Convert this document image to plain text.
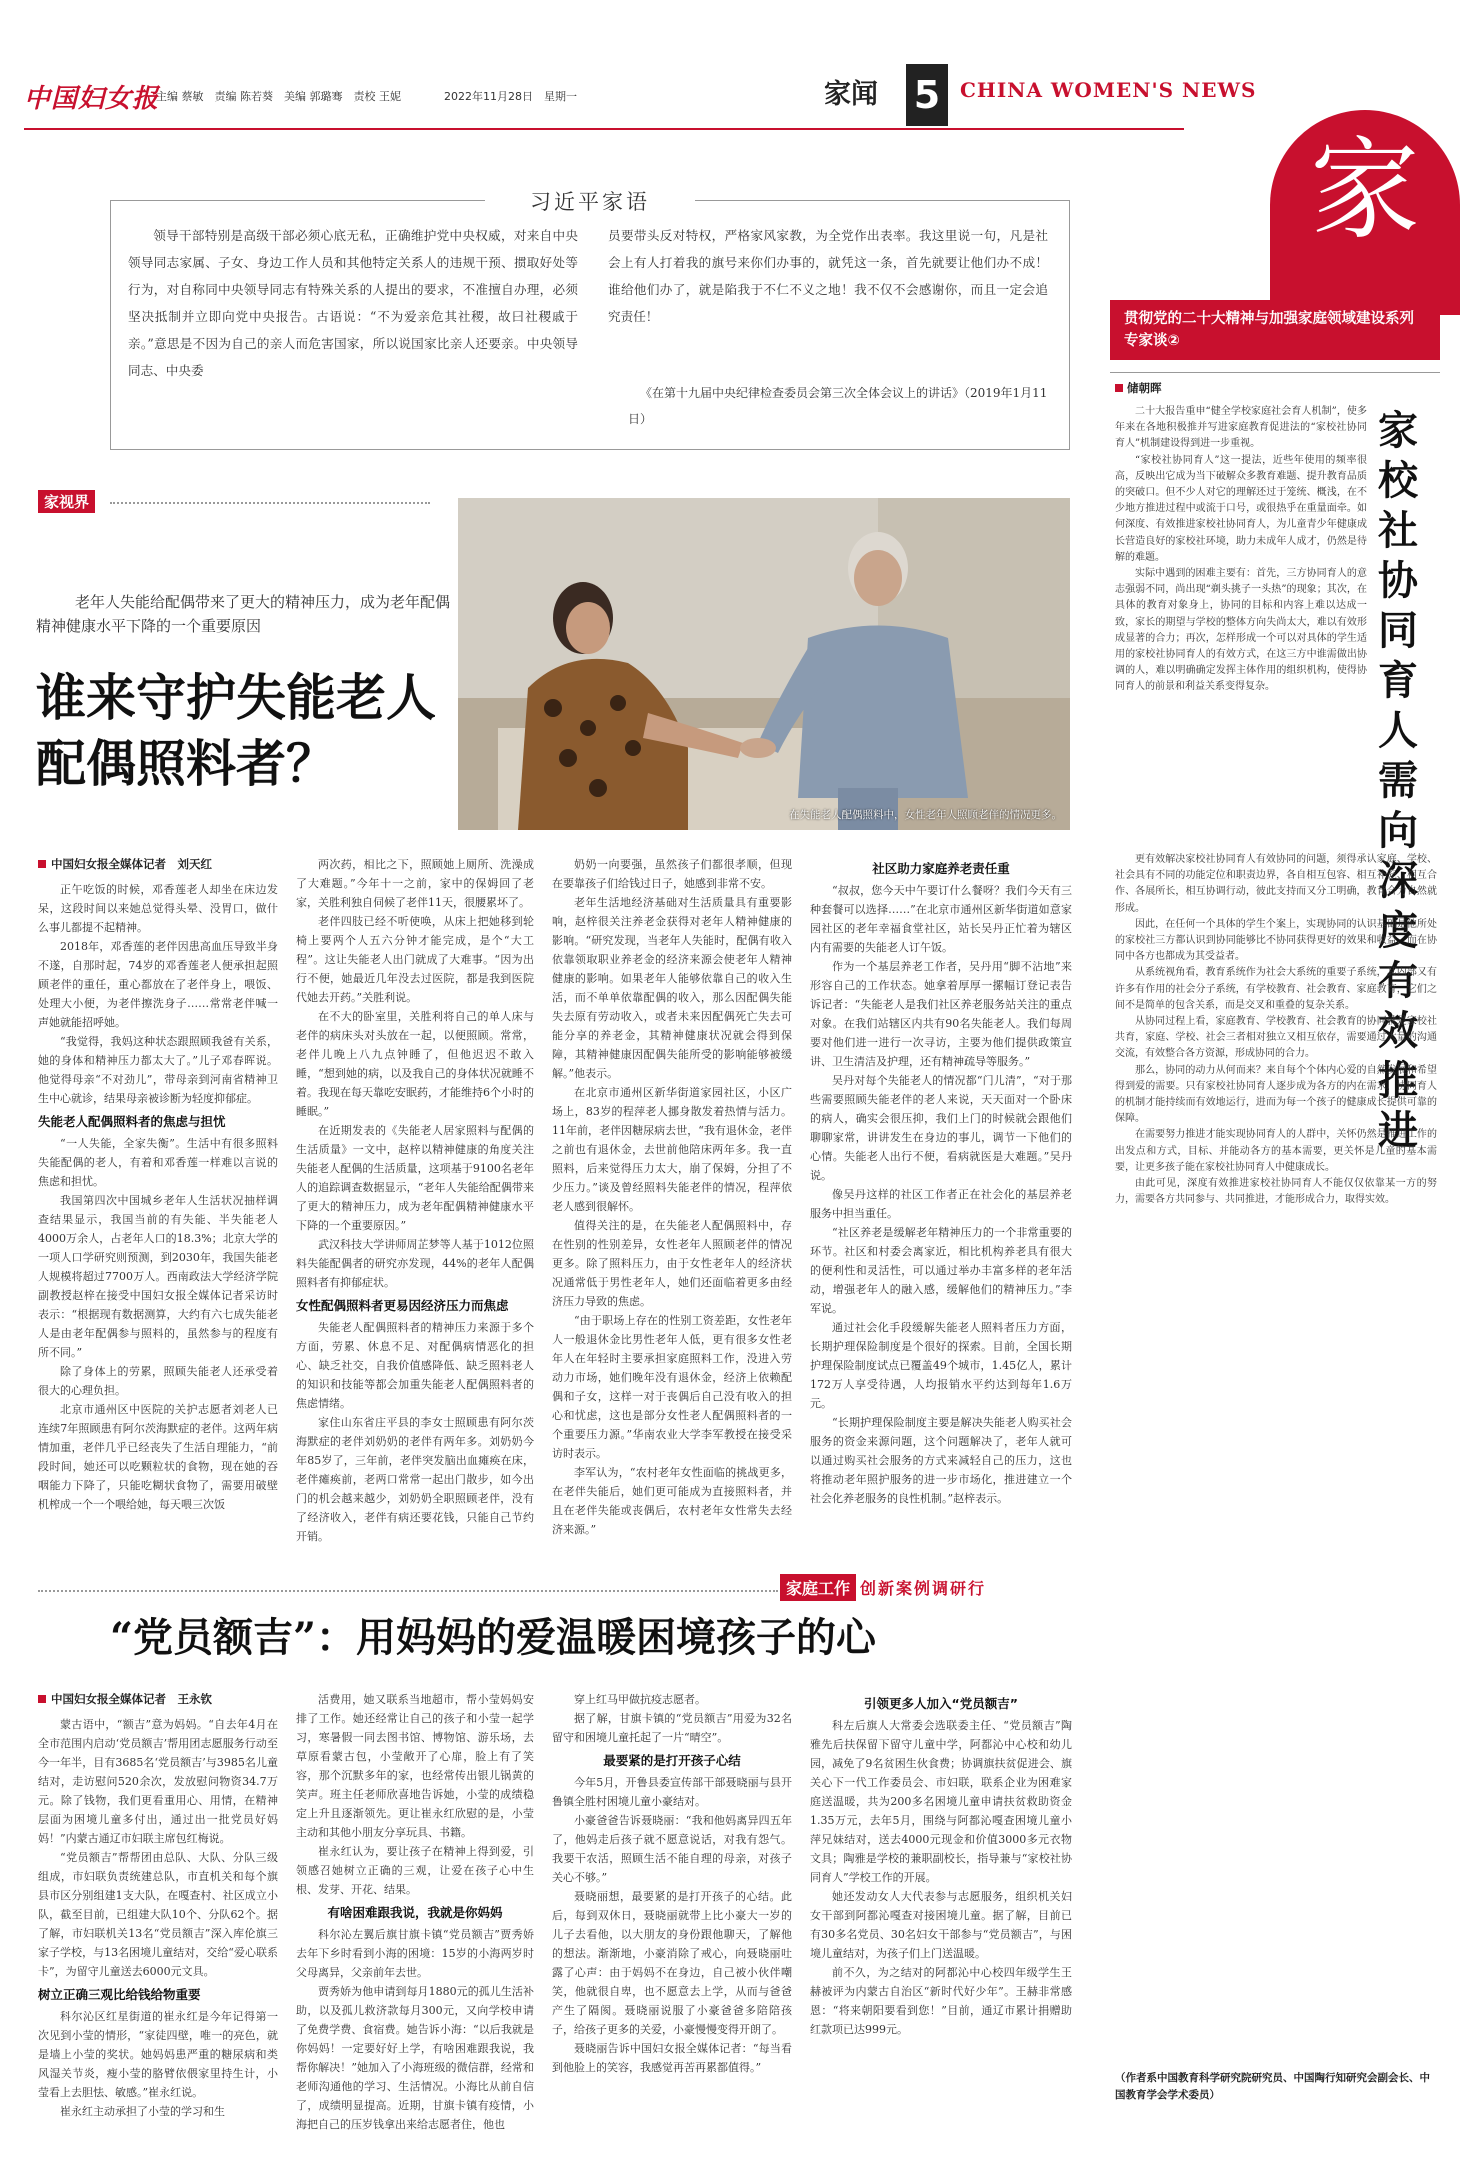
中国妇女报
主编 蔡敏　责编 陈若葵　美编 郭璐骞　责校 王妮	2022年11月28日　星期一	家闻 5 CHINA WOMEN'S NEWS
家
习近平家语
领导干部特别是高级干部必须心底无私，正确维护党中央权威，对来自中央领导同志家属、子女、身边工作人员和其他特定关系人的违规干预、掼取好处等行为，对自称同中央领导同志有特殊关系的人提出的要求，不准擅自办理，必须坚决抵制并立即向党中央报告。古语说：“不为爱亲危其社稷，故曰社稷戚于亲。”意思是不因为自己的亲人而危害国家，所以说国家比亲人还要亲。中央领导同志、中央委
员要带头反对特权，严格家风家教，为全党作出表率。我这里说一句，凡是社会上有人打着我的旗号来你们办事的，就凭这一条，首先就要让他们办不成！谁给他们办了，就是陷我于不仁不义之地！我不仅不会感谢你，而且一定会追究责任！
《在第十九届中央纪律检查委员会第三次全体会议上的讲话》（2019年1月11日）
贯彻党的二十大精神与加强家庭领域建设系列专家谈②
储朝晖
家校社协同育人需向深度有效推进

二十大报告重申“健全学校家庭社会育人机制”，使多年来在各地积极推并写进家庭教育促进法的“家校社协同育人”机制建设得到进一步重视。

“家校社协同育人”这一提法，近些年使用的频率很高，反映出它成为当下破解众多教育难题、提升教育品质的突破口。但不少人对它的理解还过于笼统、概浅，在不少地方推进过程中或流于口号，或很热乎在重量面牵。如何深度、有效推进家校社协同育人，为儿童青少年健康成长营造良好的家校社环境，助力未成年人成才，仍然是待解的难题。

实际中遇到的困难主要有：首先，三方协同育人的意志强弱不同，尚出现“剃头挑子一头热”的现象；其次，在具体的教育对象身上，协同的目标和内容上难以达成一致，家长的期望与学校的整体方向失尚太大，难以有效形成显著的合力；再次，怎样形成一个可以对具体的学生适用的家校社协同育人的有效方式，在这三方中谁需做出协调的人，难以明确确定发挥主体作用的组织机构，使得协同育人的前景和利益关系变得复杂。

更有效解决家校社协同育人有效协同的问题，须得承认家庭、学校、社会具有不同的功能定位和职责边界，各自相互包容、相互补充、相互合作、各展所长，相互协调行动，彼此支持而又分工明确，教育合力自然就形成。

因此，在任何一个具体的学生个案上，实现协同的认识基础是他所处的家校社三方都认识到协同能够比不协同获得更好的效果和收益，而在协同中各方也都成为其受益者。

从系统视角看，教育系统作为社会大系统的重要子系统，其内部又有许多有作用的社会分子系统，有学校教育、社会教育、家庭教育，它们之间不是简单的包含关系，而是交叉和重叠的复杂关系。

从协同过程上看，家庭教育、学校教育、社会教育的协同就是家校社共育，家庭、学校、社会三者相对独立又相互依存，需要通过大量的沟通交流，有效整合各方资源，形成协同的合力。

那么，协同的动力从何而来？来自每个个体内心爱的自然发展和希望得到爱的需要。只有家校社协同育人逐步成为各方的内在需求，协同育人的机制才能持续而有效地运行，进而为每一个孩子的健康成长提供可靠的保障。

在需要努力推进才能实现协同育人的人群中，关怀仍然是推进工作的出发点和方式，目标、并能动各方的基本需要，更关怀是儿童的基本需要，让更多孩子能在家校社协同育人中健康成长。

由此可见，深度有效推进家校社协同育人不能仅仅依靠某一方的努力，需要各方共同参与、共同推进，才能形成合力，取得实效。

（作者系中国教育科学研究院研究员、中国陶行知研究会副会长、中国教育学会学术委员）
家视界
老年人失能给配偶带来了更大的精神压力，成为老年配偶精神健康水平下降的一个重要原因
谁来守护失能老人
配偶照料者？
在失能老人配偶照料中，女性老年人照顾老伴的情况更多。
中国妇女报全媒体记者　刘天红

正午吃饭的时候，邓香莲老人却坐在床边发呆，这段时间以来她总觉得头晕、没胃口，做什么事儿都提不起精神。

2018年，邓香莲的老伴因患高血压导致半身不遂，自那时起，74岁的邓香莲老人便承担起照顾老伴的重任，重心都放在了老伴身上，喂饭、处理大小便，为老伴擦洗身子……常常老伴喊一声她就能招呼她。

“我觉得，我妈这种状态跟照顾我爸有关系，她的身体和精神压力都太大了。”儿子邓春晖说。他觉得母亲“不对劲儿”，带母亲到河南省精神卫生中心就诊，结果母亲被诊断为轻度抑郁症。

失能老人配偶照料者的焦虑与担忧

“一人失能，全家失衡”。生活中有很多照料失能配偶的老人，有着和邓香莲一样难以言说的焦虑和担忧。

我国第四次中国城乡老年人生活状况抽样调查结果显示，我国当前的有失能、半失能老人4000万余人，占老年人口的18.3%；北京大学的一项人口学研究则预测，到2030年，我国失能老人规模将超过7700万人。西南政法大学经济学院副教授赵梓在接受中国妇女报全媒体记者采访时表示：“根据现有数据测算，大约有六七成失能老人是由老年配偶参与照料的，虽然参与的程度有所不同。”

除了身体上的劳累，照顾失能老人还承受着很大的心理负担。

北京市通州区中医院的关护志愿者刘老人已连续7年照顾患有阿尔茨海默症的老伴。这两年病情加重，老伴几乎已经丧失了生活自理能力，“前段时间，她还可以吃颗粒状的食物，现在她的吞咽能力下降了，只能吃糊状食物了，需要用破壁机榨成一个一个喂给她，每天喂三次饭

两次药，相比之下，照顾她上厕所、洗澡成了大难题。”今年十一之前，家中的保姆回了老家，关胜利独自伺候了老伴11天，很腰累坏了。

老伴四肢已经不听使唤，从床上把她移到轮椅上要两个人五六分钟才能完成，是个“大工程”。这让失能老人出门就成了大难事。“因为出行不便，她最近几年没去过医院，都是我到医院代她去开药。”关胜利说。

在不大的卧室里，关胜利将自己的单人床与老伴的病床头对头放在一起，以便照顾。常常，老伴儿晚上八九点钟睡了，但他迟迟不敢入睡，“想到她的病，以及我自己的身体状况就睡不着。我现在每天靠吃安眠药，才能维持6个小时的睡眠。”

在近期发表的《失能老人居家照料与配偶的生活质量》一文中，赵梓以精神健康的角度关注失能老人配偶的生活质量，这项基于9100名老年人的追踪调查数据显示，“老年人失能给配偶带来了更大的精神压力，成为老年配偶精神健康水平下降的一个重要原因。”

武汉科技大学讲师周芷梦等人基于1012位照料失能配偶者的研究亦发现，44%的老年人配偶照料者有抑郁症状。

女性配偶照料者更易因经济压力而焦虑

失能老人配偶照料者的精神压力来源于多个方面，劳累、休息不足、对配偶病情恶化的担心、缺乏社交，自我价值感降低、缺乏照料老人的知识和技能等都会加重失能老人配偶照料者的焦虑情绪。

家住山东省庄平县的李女士照顾患有阿尔茨海默症的老伴刘奶奶的老伴有两年多。刘奶奶今年85岁了，三年前，老伴突发脑出血瘫痪在床，老伴瘫痪前，老两口常常一起出门散步，如今出门的机会越来越少，刘奶奶全职照顾老伴，没有了经济收入，老伴有病还要花钱，只能自己节约开销。

奶奶一向要强，虽然孩子们都很孝顺，但现在要靠孩子们给钱过日子，她感到非常不安。

老年生活地经济基础对生活质量具有重要影响，赵梓很关注养老金获得对老年人精神健康的影响。“研究发现，当老年人失能时，配偶有收入依靠领取职业养老金的经济来源会使老年人精神健康的影响。如果老年人能够依靠自己的收入生活，而不单单依靠配偶的收入，那么因配偶失能失去原有劳动收入，或者未来因配偶死亡失去可能分享的养老金，其精神健康状况就会得到保障，其精神健康因配偶失能所受的影响能够被缓解。”他表示。

在北京市通州区新华街道家园社区，小区广场上，83岁的程萍老人挪身散发着热情与活力。11年前，老伴因糖尿病去世，“我有退休金，老伴之前也有退休金，去世前他陪床两年多。我一直照料，后来觉得压力太大，崩了保姆，分担了不少压力。”谈及曾经照料失能老伴的情况，程萍依老人感到很解怀。

值得关注的是，在失能老人配偶照料中，存在性别的性别差异，女性老年人照顾老伴的情况更多。除了照料压力，由于女性老年人的经济状况通常低于男性老年人，她们还面临着更多由经济压力导致的焦虑。

“由于职场上存在的性别工资差距，女性老年人一般退休金比男性老年人低，更有很多女性老年人在年轻时主要承担家庭照料工作，没进入劳动力市场，她们晚年没有退休金，经济上依赖配偶和子女，这样一对于丧偶后自己没有收入的担心和忧虑，这也是部分女性老人配偶照料者的一个重要压力源。”华南农业大学李军教授在接受采访时表示。

李军认为，“农村老年女性面临的挑战更多，在老伴失能后，她们更可能成为直接照料者，并且在老伴失能或丧偶后，农村老年女性常失去经济来源。”

社区助力家庭养老责任重

“叔叔，您今天中午要订什么餐呀？我们今天有三种套餐可以选择……”在北京市通州区新华街道如意家园社区的老年幸福食堂社区，站长吴丹正忙着为辖区内有需要的失能老人订午饭。

作为一个基层养老工作者，吴丹用“脚不沾地”来形容自己的工作状态。她拿着厚厚一摞幅订登记表告诉记者：“失能老人是我们社区养老服务站关注的重点对象。在我们站辖区内共有90名失能老人。我们每周要对他们进一进行一次寻访，主要为他们提供政策宣讲、卫生清洁及护理，还有精神疏导等服务。”

吴丹对每个失能老人的情况都“门儿清”，“对于那些需要照顾失能老伴的老人来说，天天面对一个卧床的病人，确实会很压抑，我们上门的时候就会跟他们聊聊家常，讲讲发生在身边的事儿，调节一下他们的心情。失能老人出行不便，看病就医是大难题。”吴丹说。

像吴丹这样的社区工作者正在社会化的基层养老服务中担当重任。

“社区养老是缓解老年精神压力的一个非常重要的环节。社区和村委会离家近，相比机构养老具有很大的便利性和灵活性，可以通过举办丰富多样的老年活动，增强老年人的融入感，缓解他们的精神压力。”李军说。

通过社会化手段缓解失能老人照料者压力方面，长期护理保险制度是个很好的探索。目前，全国长期护理保险制度试点已覆盖49个城市，1.45亿人，累计172万人享受待遇，人均报销水平约达到每年1.6万元。

“长期护理保险制度主要是解决失能老人购买社会服务的资金来源问题，这个问题解决了，老年人就可以通过购买社会服务的方式来减轻自己的压力，这也将推动老年照护服务的进一步市场化，推进建立一个社会化养老服务的良性机制。”赵梓表示。

家庭工作 创新案例调研行
“党员额吉”：用妈妈的爱温暖困境孩子的心
中国妇女报全媒体记者　王永钦

蒙古语中，“额吉”意为妈妈。“自去年4月在全市范围内启动‘党员额吉’帮用团志愿服务行动至今一年半，目有3685名‘党员额吉’与3985名儿童结对，走访慰问520余次，发放慰问物资34.7万元。除了钱物，我们更看重用心、用情，在精神层面为困境儿童多付出，通过出一批党员好妈妈！”内蒙古通辽市妇联主席包红梅说。

“党员额吉”帮帮团由总队、大队、分队三级组成，市妇联负责统建总队，市直机关和每个旗县市区分别组建1支大队，在嘎查村、社区成立小队，截至目前，已组建大队10个、分队62个。据了解，市妇联机关13名“党员额吉”深入库伦旗三家子学校，与13名困境儿童结对，交给“爱心联系卡”，为留守儿童送去6000元文具。

树立正确三观比给钱给物重要

科尔沁区红星街道的崔永红是今年记得第一次见到小莹的情形，“家徒四壁，唯一的亮色，就是墙上小莹的奖状。她妈妈患严重的糖尿病和类风湿关节炎，瘦小莹的胳臂依偎家里持生计，小莹看上去胆怯、敏感。”崔永红说。

崔永红主动承担了小莹的学习和生

活费用，她又联系当地超市，帮小莹妈妈安排了工作。她还经常让自己的孩子和小莹一起学习，寒暑假一同去图书馆、博物馆、游乐场，去草原看蒙古包，小莹敞开了心扉，脸上有了笑容，那个沉默多年的家，也经常传出银儿锅黄的笑声。班主任老师欣喜地告诉她，小莹的成绩稳定上升且逐渐领先。更让崔永红欣慰的是，小莹主动和其他小朋友分享玩具、书籍。

崔永红认为，要让孩子在精神上得到爱，引领感召她树立正确的三观，让爱在孩子心中生根、发芽、开花、结果。

有啥困难跟我说，我就是你妈妈

科尔沁左翼后旗甘旗卡镇“党员额吉”贾秀娇去年下乡时看到小海的困境：15岁的小海两岁时父母离异，父亲前年去世。

贾秀娇为他申请到每月1880元的孤儿生活补助，以及孤儿救济款每月300元，又向学校申请了免费学费、食宿费。她告诉小海：“以后我就是你妈妈！一定要好好上学，有啥困难跟我说，我帮你解决！”她加入了小海班级的微信群，经常和老师沟通他的学习、生活情况。小海比从前自信了，成绩明显提高。近期，甘旗卡镇有疫情，小海把自己的压岁钱拿出来给志愿者住，他也

穿上红马甲做抗疫志愿者。

据了解，甘旗卡镇的“党员额吉”用爱为32名留守和困境儿童托起了一片“晴空”。

最要紧的是打开孩子心结

今年5月，开鲁县委宣传部干部聂晓丽与县开鲁镇全胜村困境儿童小豪结对。

小豪爸爸告诉聂晓丽：“我和他妈离异四五年了，他妈走后孩子就不愿意说话，对我有怨气。我要干农活，照顾生活不能自理的母亲，对孩子关心不够。”

聂晓丽想，最要紧的是打开孩子的心结。此后，每到双休日，聂晓丽就带上比小豪大一岁的儿子去看他，以大朋友的身份跟他聊天，了解他的想法。渐渐地，小豪消除了戒心，向聂晓丽吐露了心声：由于妈妈不在身边，自己被小伙伴嘲笑，他就很自卑，也不愿意去上学，从而与爸爸产生了隔阂。聂晓丽说服了小豪爸爸多陪陪孩子，给孩子更多的关爱，小豪慢慢变得开朗了。

聂晓丽告诉中国妇女报全媒体记者：“每当看到他脸上的笑容，我感觉再苦再累都值得。”

引领更多人加入“党员额吉”

科左后旗人大常委会选联委主任、“党员额吉”陶雅先后扶保留下留守儿童中学，阿都沁中心校和幼儿园，减免了9名贫困生伙食费；协调旗扶贫促进会、旗关心下一代工作委员会、市妇联，联系企业为困难家庭送温暖，共为200多名困境儿童申请扶贫救助资金1.35万元，去年5月，围绕与阿都沁嘎查困境儿童小萍兄妹结对，送去4000元现金和价值3000多元衣物文具；陶雅是学校的兼职副校长，指导兼与“家校社协同育人”学校工作的开展。

她还发动女人大代表参与志愿服务，组织机关妇女干部到阿都沁嘎查对接困境儿童。据了解，目前已有30多名党员、30名妇女干部参与“党员额吉”，与困境儿童结对，为孩子们上门送温暖。

前不久，为之结对的阿都沁中心校四年级学生王赫被评为内蒙古自治区“新时代好少年”。王赫非常感恩：“将来朝阳要看到您！”目前，通辽市累计捐赠助红款项已达999元。
